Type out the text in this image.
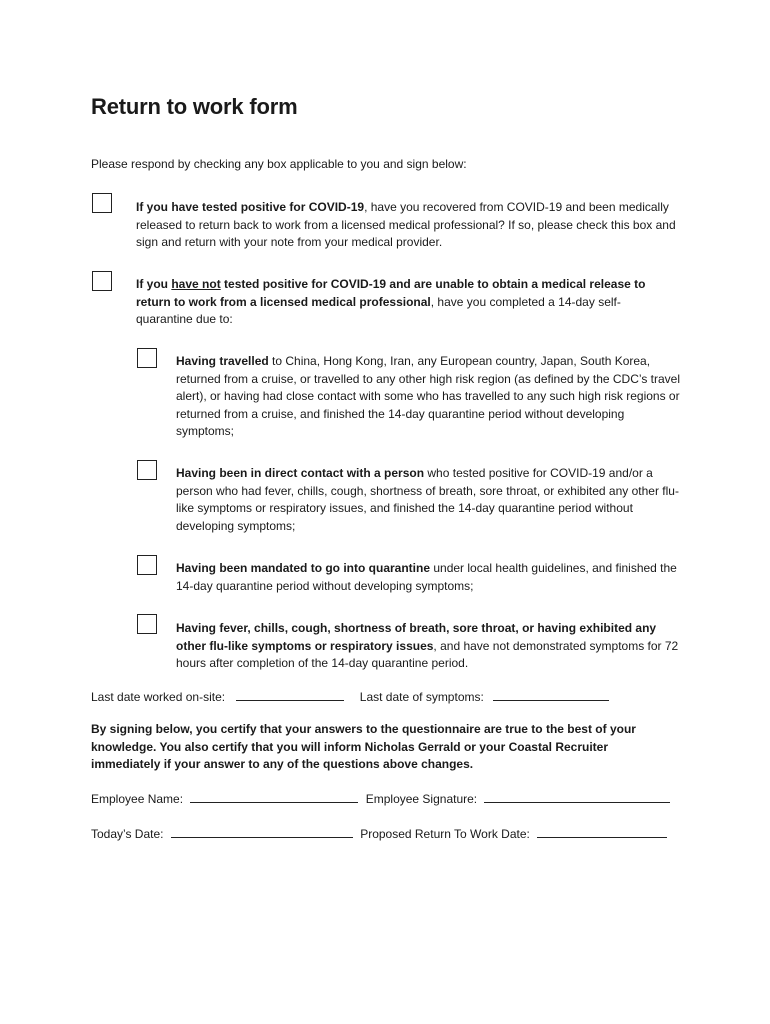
Return to work form
Please respond by checking any box applicable to you and sign below:
If you have tested positive for COVID-19, have you recovered from COVID-19 and been medically released to return back to work from a licensed medical professional? If so, please check this box and sign and return with your note from your medical provider.
If you have not tested positive for COVID-19 and are unable to obtain a medical release to return to work from a licensed medical professional, have you completed a 14-day self-quarantine due to:
Having travelled to China, Hong Kong, Iran, any European country, Japan, South Korea, returned from a cruise, or travelled to any other high risk region (as defined by the CDC’s travel alert), or having had close contact with some who has travelled to any such high risk regions or returned from a cruise, and finished the 14-day quarantine period without developing symptoms;
Having been in direct contact with a person who tested positive for COVID-19 and/or a person who had fever, chills, cough, shortness of breath, sore throat, or exhibited any other flu-like symptoms or respiratory issues, and finished the 14-day quarantine period without developing symptoms;
Having been mandated to go into quarantine under local health guidelines, and finished the 14-day quarantine period without developing symptoms;
Having fever, chills, cough, shortness of breath, sore throat, or having exhibited any other flu-like symptoms or respiratory issues, and have not demonstrated symptoms for 72 hours after completion of the 14-day quarantine period.
Last date worked on-site:	Last date of symptoms:
By signing below, you certify that your answers to the questionnaire are true to the best of your knowledge. You also certify that you will inform Nicholas Gerrald or your Coastal Recruiter immediately if your answer to any of the questions above changes.
Employee Name:	Employee Signature:
Today’s Date:	Proposed Return To Work Date:
